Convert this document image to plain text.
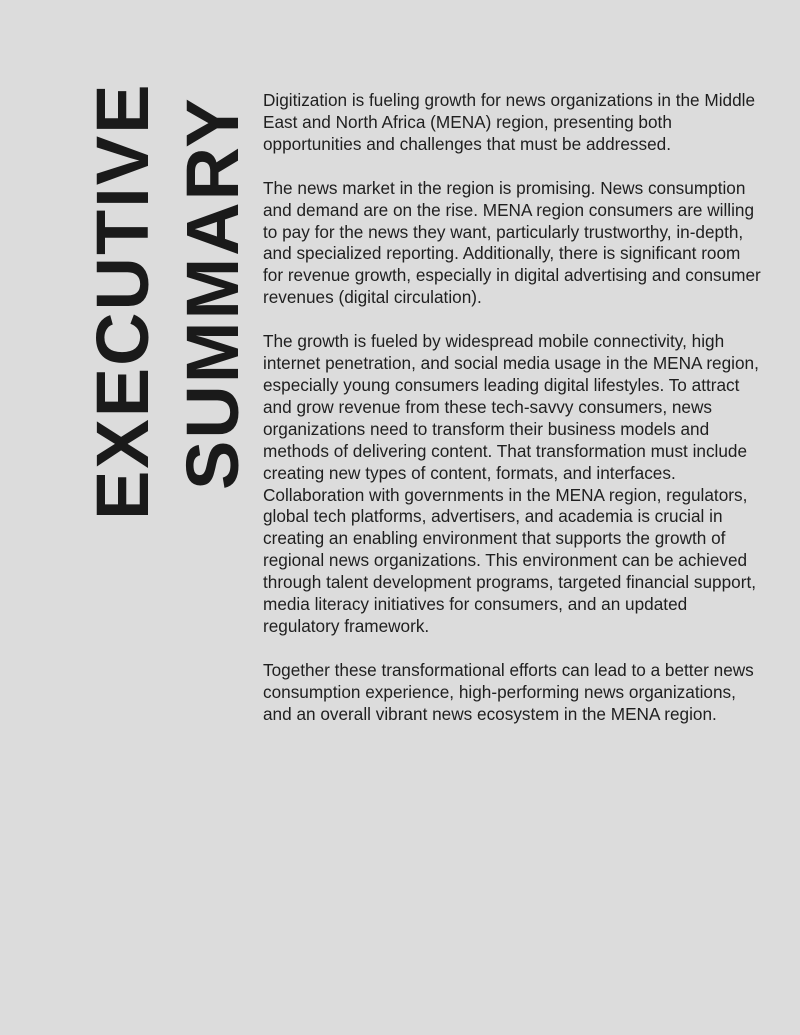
EXECUTIVE SUMMARY Digitization is fueling growth for news organizations in the Middle East and North Africa (MENA) region, presenting both opportunities and challenges that must be addressed.

The news market in the region is promising. News consumption and demand are on the rise. MENA region consumers are willing to pay for the news they want, particularly trustworthy, in-depth, and specialized reporting. Additionally, there is significant room for revenue growth, especially in digital advertising and consumer revenues (digital circulation).

The growth is fueled by widespread mobile connectivity, high internet penetration, and social media usage in the MENA region, especially young consumers leading digital lifestyles. To attract and grow revenue from these tech-savvy consumers, news organizations need to transform their business models and methods of delivering content. That transformation must include creating new types of content, formats, and interfaces. Collaboration with governments in the MENA region, regulators, global tech platforms, advertisers, and academia is crucial in creating an enabling environment that supports the growth of regional news organizations. This environment can be achieved through talent development programs, targeted financial support, media literacy initiatives for consumers, and an updated regulatory framework.

Together these transformational efforts can lead to a better news consumption experience, high-performing news organizations, and an overall vibrant news ecosystem in the MENA region.
